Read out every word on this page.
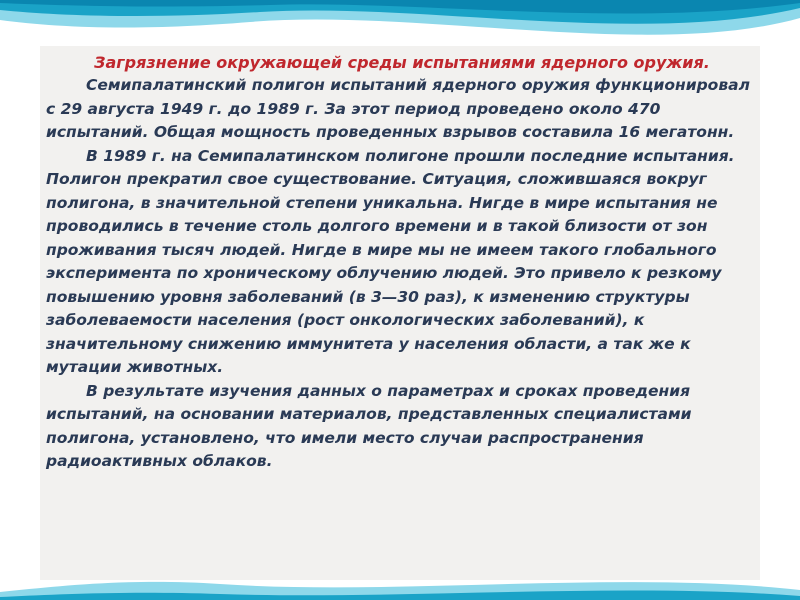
Загрязнение окружающей среды испытаниями ядерного оружия.

Семипалатинский полигон испытаний ядерного оружия функционировал с 29 августа 1949 г. до 1989 г. За этот период проведено около 470 испытаний. Общая мощность проведенных взрывов составила 16 мегатонн.

В 1989 г. на Семипалатинском полигоне прошли последние испытания. Полигон прекратил свое существование. Ситуация, сложившаяся вокруг полигона, в значительной степени уникальна. Нигде в мире испытания не проводились в течение столь долгого времени и в такой близости от зон проживания тысяч людей. Нигде в мире мы не имеем такого глобального эксперимента по хроническому облучению людей. Это привело к резкому повышению уровня заболеваний (в 3—30 раз), к изменению структуры заболеваемости населения (рост онкологических заболеваний), к значительному снижению иммунитета у населения области, а так же к мутации животных.

В результате изучения данных о параметрах и сроках проведения испытаний, на основании материалов, представленных специалистами полигона, установлено, что имели место случаи распространения радиоактивных облаков.
